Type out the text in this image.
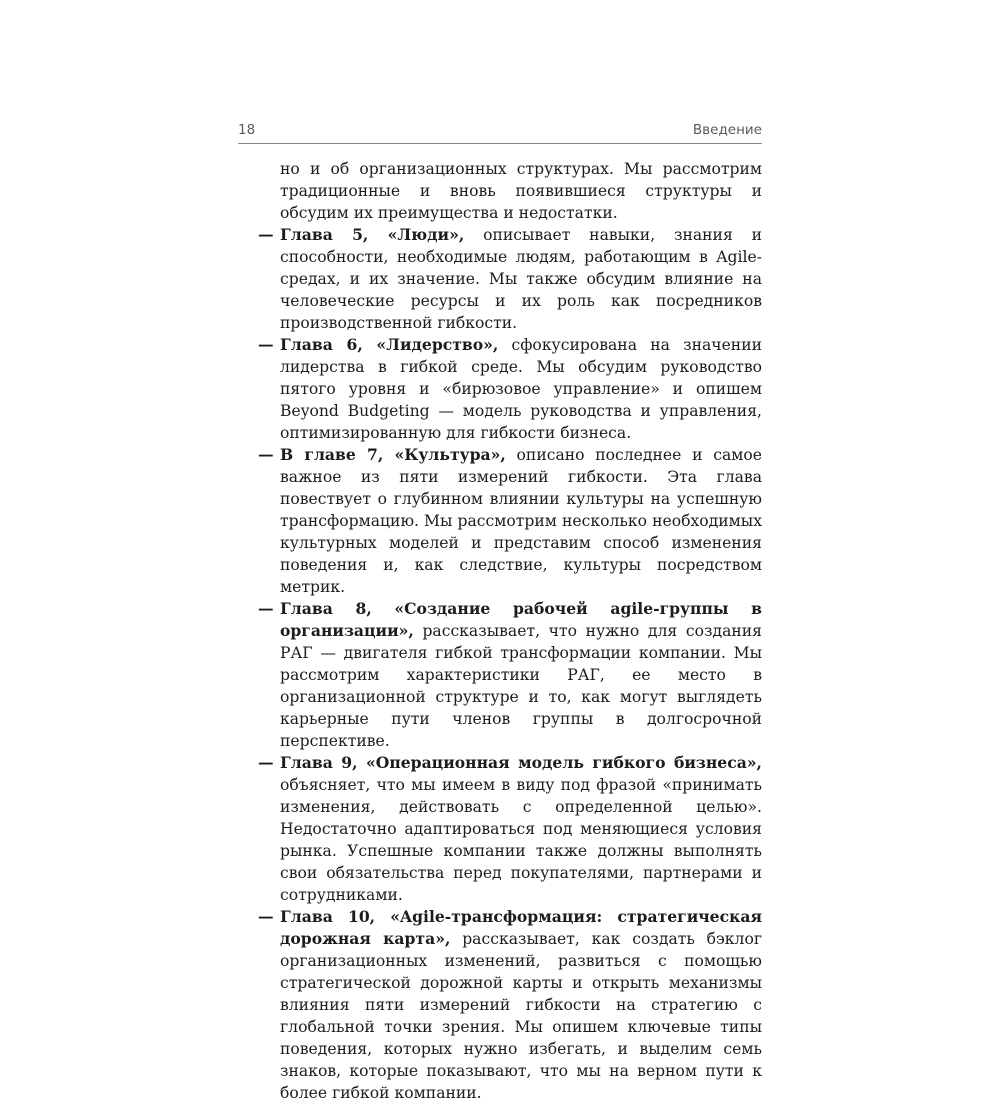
18	Введение

но и об организационных структурах. Мы рассмотрим традиционные и вновь появившиеся структуры и обсудим их преимущества и недостатки.

— Глава 5, «Люди», описывает навыки, знания и способности, необходимые людям, работающим в Agile-средах, и их значение. Мы также обсудим влияние на человеческие ресурсы и их роль как посредников производственной гибкости.

— Глава 6, «Лидерство», сфокусирована на значении лидерства в гибкой среде. Мы обсудим руководство пятого уровня и «бирюзовое управление» и опишем Beyond Budgeting — модель руководства и управления, оптимизированную для гибкости бизнеса.

— В главе 7, «Культура», описано последнее и самое важное из пяти измерений гибкости. Эта глава повествует о глубинном влиянии культуры на успешную трансформацию. Мы рассмотрим несколько необходимых культурных моделей и представим способ изменения поведения и, как следствие, культуры посредством метрик.

— Глава 8, «Создание рабочей agile-группы в организации», рассказывает, что нужно для создания РАГ — двигателя гибкой трансформации компании. Мы рассмотрим характеристики РАГ, ее место в организационной структуре и то, как могут выглядеть карьерные пути членов группы в долгосрочной перспективе.

— Глава 9, «Операционная модель гибкого бизнеса», объясняет, что мы имеем в виду под фразой «принимать изменения, действовать с определенной целью». Недостаточно адаптироваться под меняющиеся условия рынка. Успешные компании также должны выполнять свои обязательства перед покупателями, партнерами и сотрудниками.

— Глава 10, «Agile-трансформация: стратегическая дорожная карта», рассказывает, как создать бэклог организационных изменений, развиться с помощью стратегической дорожной карты и открыть механизмы влияния пяти измерений гибкости на стратегию с глобальной точки зрения. Мы опишем ключевые типы поведения, которых нужно избегать, и выделим семь знаков, которые показывают, что мы на верном пути к более гибкой компании.
